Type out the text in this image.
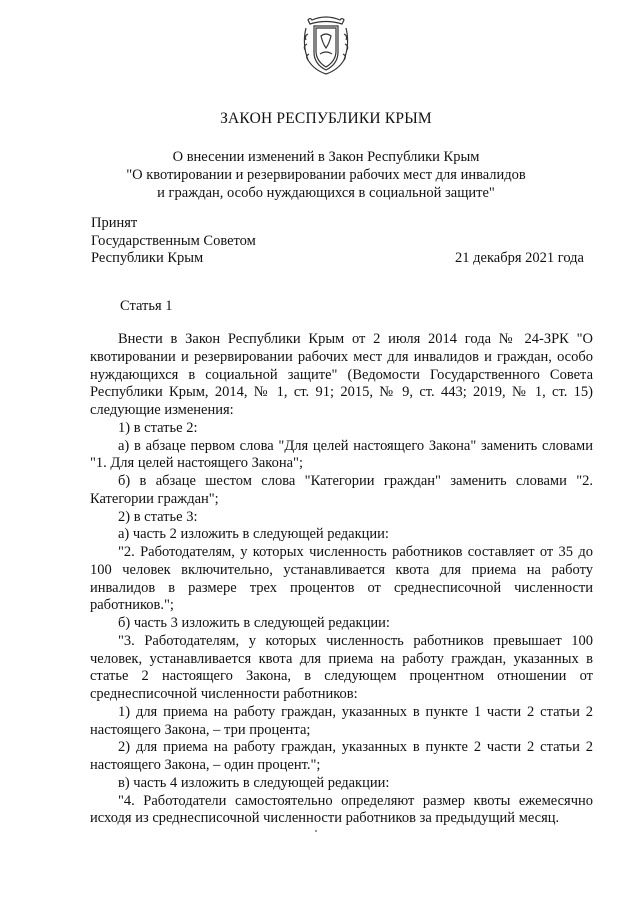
ЗАКОН РЕСПУБЛИКИ КРЫМ
О внесении изменений в Закон Республики Крым
"О квотировании и резервировании рабочих мест для инвалидов
и граждан, особо нуждающихся в социальной защите"
Принят
Государственным Советом
Республики Крым	21 декабря 2021 года
Статья 1

Внести в Закон Республики Крым от 2 июля 2014 года № 24-ЗРК "О квотировании и резервировании рабочих мест для инвалидов и граждан, особо нуждающихся в социальной защите" (Ведомости Государственного Совета Республики Крым, 2014, № 1, ст. 91; 2015, № 9, ст. 443; 2019, № 1, ст. 15) следующие изменения:

1) в статье 2:

а) в абзаце первом слова "Для целей настоящего Закона" заменить словами "1. Для целей настоящего Закона";

б) в абзаце шестом слова "Категории граждан" заменить словами "2. Категории граждан";

2) в статье 3:

а) часть 2 изложить в следующей редакции:

"2. Работодателям, у которых численность работников составляет от 35 до 100 человек включительно, устанавливается квота для приема на работу инвалидов в размере трех процентов от среднесписочной численности работников.";

б) часть 3 изложить в следующей редакции:

"3. Работодателям, у которых численность работников превышает 100 человек, устанавливается квота для приема на работу граждан, указанных в статье 2 настоящего Закона, в следующем процентном отношении от среднесписочной численности работников:

1) для приема на работу граждан, указанных в пункте 1 части 2 статьи 2 настоящего Закона, – три процента;

2) для приема на работу граждан, указанных в пункте 2 части 2 статьи 2 настоящего Закона, – один процент.";

в) часть 4 изложить в следующей редакции:

"4. Работодатели самостоятельно определяют размер квоты ежемесячно исходя из среднесписочной численности работников за предыдущий месяц.
